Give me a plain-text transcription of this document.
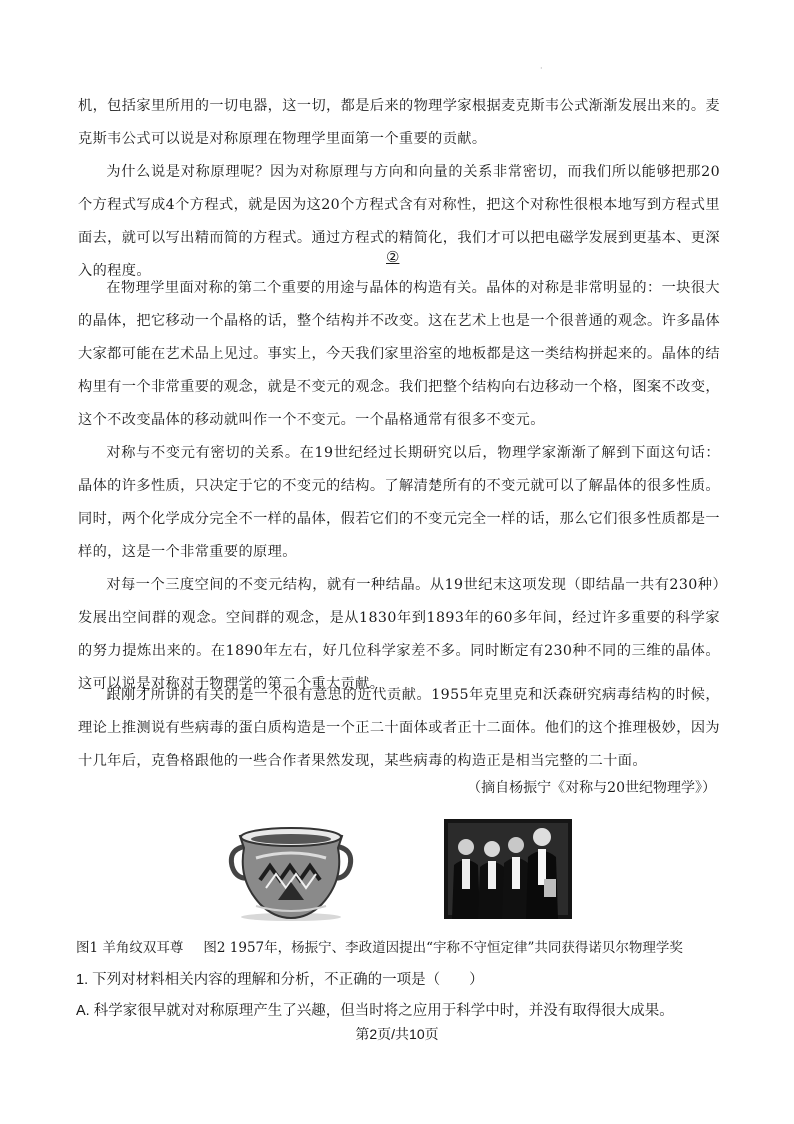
·

机，包括家里所用的一切电器，这一切，都是后来的物理学家根据麦克斯韦公式渐渐发展出来的。麦克斯韦公式可以说是对称原理在物理学里面第一个重要的贡献。

为什么说是对称原理呢？因为对称原理与方向和向量的关系非常密切，而我们所以能够把那20个方程式写成4个方程式，就是因为这20个方程式含有对称性，把这个对称性很根本地写到方程式里面去，就可以写出精而简的方程式。通过方程式的精简化，我们才可以把电磁学发展到更基本、更深入的程度。

②

在物理学里面对称的第二个重要的用途与晶体的构造有关。晶体的对称是非常明显的：一块很大的晶体，把它移动一个晶格的话，整个结构并不改变。这在艺术上也是一个很普通的观念。许多晶体大家都可能在艺术品上见过。事实上，今天我们家里浴室的地板都是这一类结构拼起来的。晶体的结构里有一个非常重要的观念，就是不变元的观念。我们把整个结构向右边移动一个格，图案不改变，这个不改变晶体的移动就叫作一个不变元。一个晶格通常有很多不变元。

对称与不变元有密切的关系。在19世纪经过长期研究以后，物理学家渐渐了解到下面这句话：晶体的许多性质，只决定于它的不变元的结构。了解清楚所有的不变元就可以了解晶体的很多性质。同时，两个化学成分完全不一样的晶体，假若它们的不变元完全一样的话，那么它们很多性质都是一样的，这是一个非常重要的原理。

对每一个三度空间的不变元结构，就有一种结晶。从19世纪末这项发现（即结晶一共有230种）发展出空间群的观念。空间群的观念，是从1830年到1893年的60多年间，经过许多重要的科学家的努力提炼出来的。在1890年左右，好几位科学家差不多。同时断定有230种不同的三维的晶体。这可以说是对称对于物理学的第二个重大贡献。

跟刚才所讲的有关的是一个很有意思的近代贡献。1955年克里克和沃森研究病毒结构的时候，理论上推测说有些病毒的蛋白质构造是一个正二十面体或者正十二面体。他们的这个推理极妙，因为十几年后，克鲁格跟他的一些合作者果然发现，某些病毒的构造正是相当完整的二十面。

（摘自杨振宁《对称与20世纪物理学》）
图1 羊角纹双耳尊 图2 1957年，杨振宁、李政道因提出“宇称不守恒定律”共同获得诺贝尔物理学奖
1. 下列对材料相关内容的理解和分析，不正确的一项是（　　）
A. 科学家很早就对对称原理产生了兴趣，但当时将之应用于科学中时，并没有取得很大成果。
第2页/共10页
